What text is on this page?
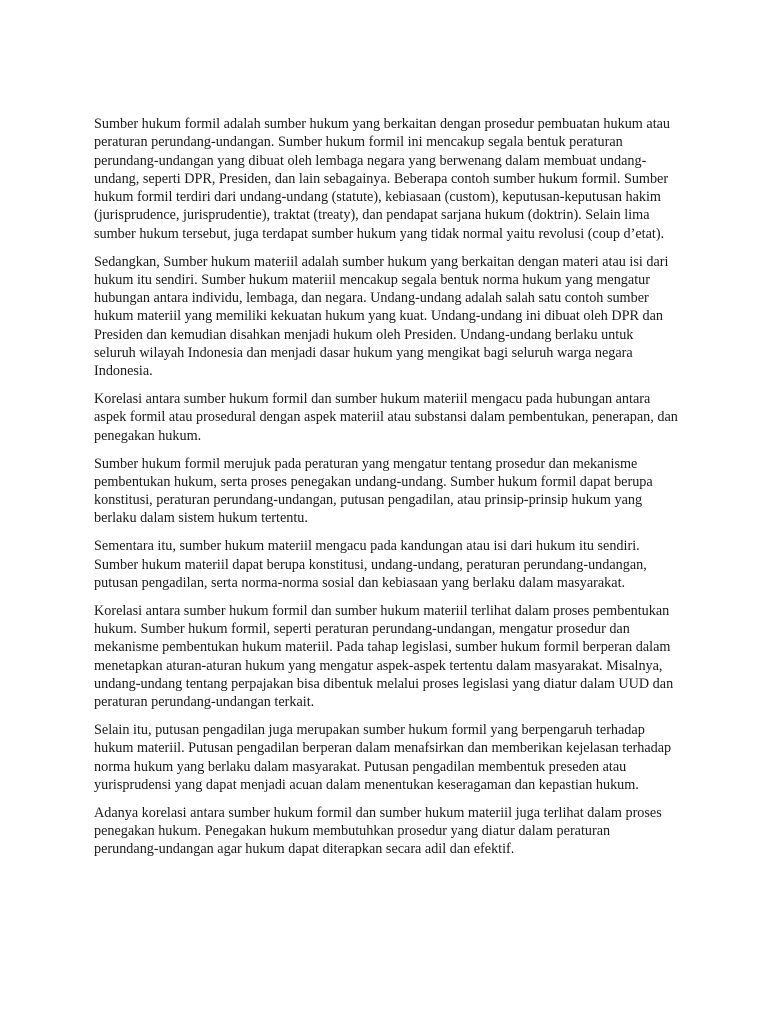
Sumber hukum formil adalah sumber hukum yang berkaitan dengan prosedur pembuatan hukum atau peraturan perundang-undangan. Sumber hukum formil ini mencakup segala bentuk peraturan perundang-undangan yang dibuat oleh lembaga negara yang berwenang dalam membuat undang-undang, seperti DPR, Presiden, dan lain sebagainya. Beberapa contoh sumber hukum formil. Sumber hukum formil terdiri dari undang-undang (statute), kebiasaan (custom), keputusan-keputusan hakim (jurisprudence, jurisprudentie), traktat (treaty), dan pendapat sarjana hukum (doktrin). Selain lima sumber hukum tersebut, juga terdapat sumber hukum yang tidak normal yaitu revolusi (coup d’etat).

Sedangkan, Sumber hukum materiil adalah sumber hukum yang berkaitan dengan materi atau isi dari hukum itu sendiri. Sumber hukum materiil mencakup segala bentuk norma hukum yang mengatur hubungan antara individu, lembaga, dan negara. Undang-undang adalah salah satu contoh sumber hukum materiil yang memiliki kekuatan hukum yang kuat. Undang-undang ini dibuat oleh DPR dan Presiden dan kemudian disahkan menjadi hukum oleh Presiden. Undang-undang berlaku untuk seluruh wilayah Indonesia dan menjadi dasar hukum yang mengikat bagi seluruh warga negara Indonesia.

Korelasi antara sumber hukum formil dan sumber hukum materiil mengacu pada hubungan antara aspek formil atau prosedural dengan aspek materiil atau substansi dalam pembentukan, penerapan, dan penegakan hukum.

Sumber hukum formil merujuk pada peraturan yang mengatur tentang prosedur dan mekanisme pembentukan hukum, serta proses penegakan undang-undang. Sumber hukum formil dapat berupa konstitusi, peraturan perundang-undangan, putusan pengadilan, atau prinsip-prinsip hukum yang berlaku dalam sistem hukum tertentu.

Sementara itu, sumber hukum materiil mengacu pada kandungan atau isi dari hukum itu sendiri. Sumber hukum materiil dapat berupa konstitusi, undang-undang, peraturan perundang-undangan, putusan pengadilan, serta norma-norma sosial dan kebiasaan yang berlaku dalam masyarakat.

Korelasi antara sumber hukum formil dan sumber hukum materiil terlihat dalam proses pembentukan hukum. Sumber hukum formil, seperti peraturan perundang-undangan, mengatur prosedur dan mekanisme pembentukan hukum materiil. Pada tahap legislasi, sumber hukum formil berperan dalam menetapkan aturan-aturan hukum yang mengatur aspek-aspek tertentu dalam masyarakat. Misalnya, undang-undang tentang perpajakan bisa dibentuk melalui proses legislasi yang diatur dalam UUD dan peraturan perundang-undangan terkait.

Selain itu, putusan pengadilan juga merupakan sumber hukum formil yang berpengaruh terhadap hukum materiil. Putusan pengadilan berperan dalam menafsirkan dan memberikan kejelasan terhadap norma hukum yang berlaku dalam masyarakat. Putusan pengadilan membentuk preseden atau yurisprudensi yang dapat menjadi acuan dalam menentukan keseragaman dan kepastian hukum.

Adanya korelasi antara sumber hukum formil dan sumber hukum materiil juga terlihat dalam proses penegakan hukum. Penegakan hukum membutuhkan prosedur yang diatur dalam peraturan perundang-undangan agar hukum dapat diterapkan secara adil dan efektif.
